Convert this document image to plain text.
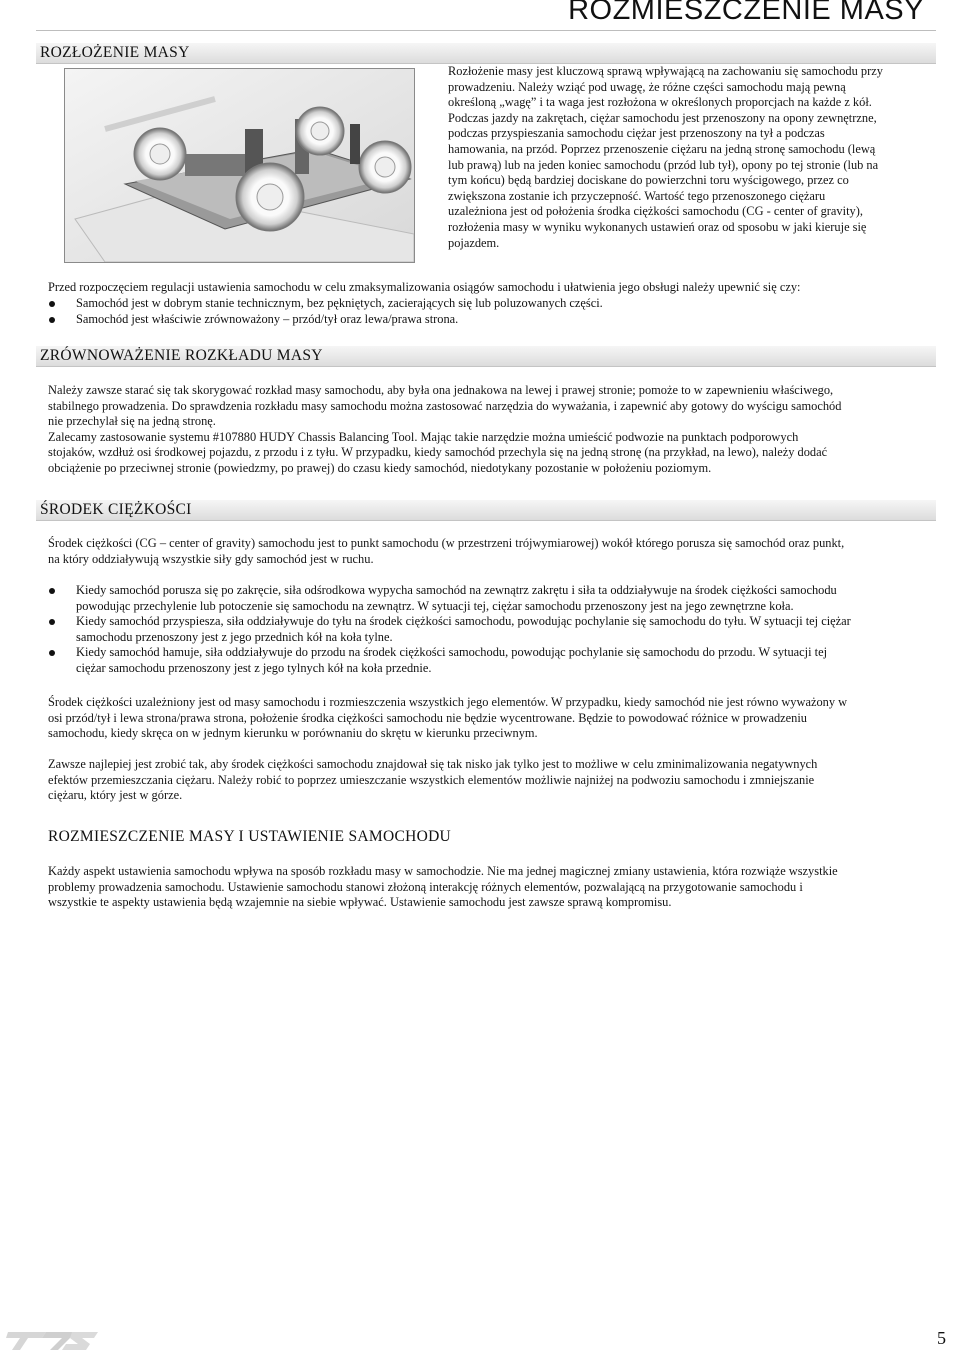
ROZMIESZCZENIE MASY
ROZŁOŻENIE MASY
Rozłożenie masy jest kluczową sprawą wpływającą na zachowaniu się samochodu przy
prowadzeniu. Należy wziąć pod uwagę, że różne części samochodu mają pewną
określoną „wagę” i ta waga jest rozłożona w określonych proporcjach na każde z kół.
Podczas jazdy na zakrętach, ciężar samochodu jest przenoszony na opony zewnętrzne,
podczas przyspieszania samochodu ciężar jest przenoszony na tył a podczas
hamowania, na przód. Poprzez przenoszenie ciężaru na jedną stronę samochodu (lewą
lub prawą) lub na jeden koniec samochodu (przód lub tył), opony po tej stronie (lub na
tym końcu) będą bardziej dociskane do powierzchni toru wyścigowego, przez co
zwiększona zostanie ich przyczepność. Wartość tego przenoszonego ciężaru
uzależniona jest od położenia środka ciężkości samochodu (CG - center of gravity),
rozłożenia masy w wyniku wykonanych ustawień oraz od sposobu w jaki kieruje się
pojazdem.
Przed rozpoczęciem regulacji ustawienia samochodu w celu zmaksymalizowania osiągów samochodu i ułatwienia jego obsługi należy upewnić się czy:
Samochód jest w dobrym stanie technicznym, bez pękniętych, zacierających się lub poluzowanych części.
Samochód jest właściwie zrównoważony – przód/tył oraz lewa/prawa strona.
ZRÓWNOWAŻENIE ROZKŁADU MASY
Należy zawsze starać się tak skorygować rozkład masy samochodu, aby była ona jednakowa na lewej i prawej stronie; pomoże to w zapewnieniu właściwego,
stabilnego prowadzenia. Do sprawdzenia rozkładu masy samochodu można zastosować narzędzia do wyważania, i zapewnić aby gotowy do wyścigu samochód
nie przechylał się na jedną stronę.
Zalecamy zastosowanie systemu #107880 HUDY Chassis Balancing Tool. Mając takie narzędzie można umieścić podwozie na punktach podporowych
stojaków, wzdłuż osi środkowej pojazdu, z przodu i z tyłu. W przypadku, kiedy samochód przechyla się na jedną stronę (na przykład, na lewo), należy dodać
obciążenie po przeciwnej stronie (powiedzmy, po prawej) do czasu kiedy samochód, niedotykany pozostanie w położeniu poziomym.
ŚRODEK CIĘŻKOŚCI
Środek ciężkości (CG – center of gravity) samochodu jest to punkt samochodu (w przestrzeni trójwymiarowej) wokół którego porusza się samochód oraz punkt,
na który oddziaływują wszystkie siły gdy samochód jest w ruchu.
Kiedy samochód porusza się po zakręcie, siła odśrodkowa wypycha samochód na zewnątrz zakrętu i siła ta oddziaływuje na środek ciężkości samochodu
powodując przechylenie lub potoczenie się samochodu na zewnątrz. W sytuacji tej, ciężar samochodu przenoszony jest na jego zewnętrzne koła.
Kiedy samochód przyspiesza, siła oddziaływuje do tyłu na środek ciężkości samochodu, powodując pochylanie się samochodu do tyłu. W sytuacji tej ciężar
samochodu przenoszony jest z jego przednich kół na koła tylne.
Kiedy samochód hamuje, siła oddziaływuje do przodu na środek ciężkości samochodu, powodując pochylanie się samochodu do przodu. W sytuacji tej
ciężar samochodu przenoszony jest z jego tylnych kół na koła przednie.
Środek ciężkości uzależniony jest od masy samochodu i rozmieszczenia wszystkich jego elementów. W przypadku, kiedy samochód nie jest równo wyważony w
osi przód/tył i lewa strona/prawa strona, położenie środka ciężkości samochodu nie będzie wycentrowane. Będzie to powodować różnice w prowadzeniu
samochodu, kiedy skręca on w jednym kierunku w porównaniu do skrętu w kierunku przeciwnym.
Zawsze najlepiej jest zrobić tak, aby środek ciężkości samochodu znajdował się tak nisko jak tylko jest to możliwe w celu zminimalizowania negatywnych
efektów przemieszczania ciężaru. Należy robić to poprzez umieszczanie wszystkich elementów możliwie najniżej na podwoziu samochodu i zmniejszanie
ciężaru, który jest w górze.
ROZMIESZCZENIE MASY I USTAWIENIE SAMOCHODU
Każdy aspekt ustawienia samochodu wpływa na sposób rozkładu masy w samochodzie. Nie ma jednej magicznej zmiany ustawienia, która rozwiąże wszystkie
problemy prowadzenia samochodu. Ustawienie samochodu stanowi złożoną interakcję różnych elementów, pozwalającą na przygotowanie samochodu i
wszystkie te aspekty ustawienia będą wzajemnie na siebie wpływać. Ustawienie samochodu jest zawsze sprawą kompromisu.
5
